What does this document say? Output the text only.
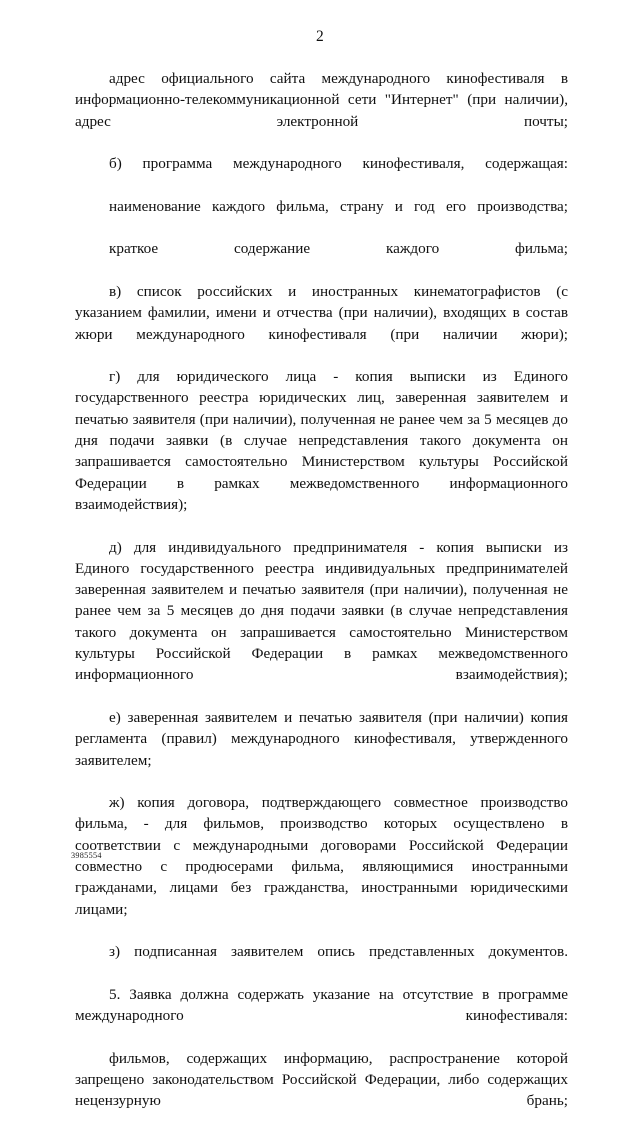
2

адрес официального сайта международного кинофестиваля в информационно-телекоммуникационной сети "Интернет" (при наличии), адрес электронной почты;

б) программа международного кинофестиваля, содержащая:

наименование каждого фильма, страну и год его производства;

краткое содержание каждого фильма;

в) список российских и иностранных кинематографистов (с указанием фамилии, имени и отчества (при наличии), входящих в состав жюри международного кинофестиваля (при наличии жюри);

г) для юридического лица - копия выписки из Единого государственного реестра юридических лиц, заверенная заявителем и печатью заявителя (при наличии), полученная не ранее чем за 5 месяцев до дня подачи заявки (в случае непредставления такого документа он запрашивается самостоятельно Министерством культуры Российской Федерации в рамках межведомственного информационного взаимодействия);

д) для индивидуального предпринимателя - копия выписки из Единого государственного реестра индивидуальных предпринимателей заверенная заявителем и печатью заявителя (при наличии), полученная не ранее чем за 5 месяцев до дня подачи заявки (в случае непредставления такого документа он запрашивается самостоятельно Министерством культуры Российской Федерации в рамках межведомственного информационного взаимодействия);

е) заверенная заявителем и печатью заявителя (при наличии) копия регламента (правил) международного кинофестиваля, утвержденного заявителем;

ж) копия договора, подтверждающего совместное производство фильма, - для фильмов, производство которых осуществлено в соответствии с международными договорами Российской Федерации совместно с продюсерами фильма, являющимися иностранными гражданами, лицами без гражданства, иностранными юридическими лицами;

з) подписанная заявителем опись представленных документов.

5. Заявка должна содержать указание на отсутствие в программе международного кинофестиваля:

фильмов, содержащих информацию, распространение которой запрещено законодательством Российской Федерации, либо содержащих нецензурную брань;

3985554
